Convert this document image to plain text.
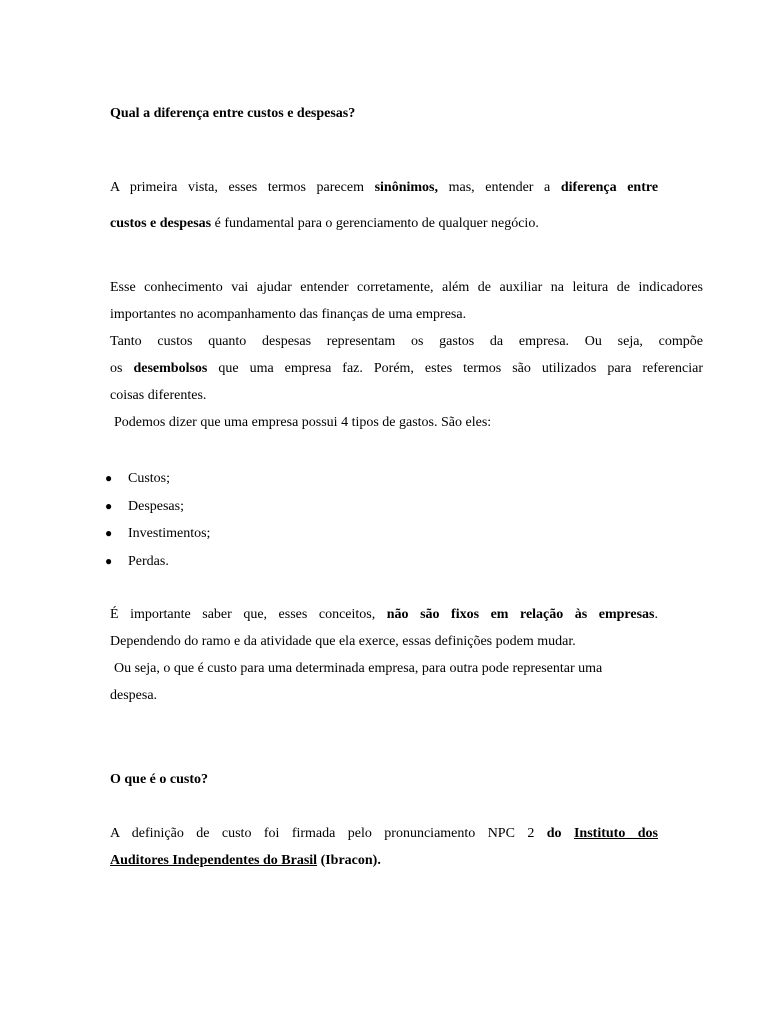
Qual a diferença entre custos e despesas?

A primeira vista, esses termos parecem sinônimos, mas, entender a diferença entre
custos e despesas é fundamental para o gerenciamento de qualquer negócio.
Esse conhecimento vai ajudar entender corretamente, além de auxiliar na leitura de indicadores
importantes no acompanhamento das finanças de uma empresa.
Tanto custos quanto despesas representam os gastos da empresa. Ou seja, compõe
os desembolsos que uma empresa faz. Porém, estes termos são utilizados para referenciar
coisas diferentes.
Podemos dizer que uma empresa possui 4 tipos de gastos. São eles:
● Custos;
● Despesas;
● Investimentos;
● Perdas.
É importante saber que, esses conceitos, não são fixos em relação às empresas.
Dependendo do ramo e da atividade que ela exerce, essas definições podem mudar.
Ou seja, o que é custo para uma determinada empresa, para outra pode representar uma
despesa.

O que é o custo?

A definição de custo foi firmada pelo pronunciamento NPC 2 do Instituto dos
Auditores Independentes do Brasil (Ibracon).
